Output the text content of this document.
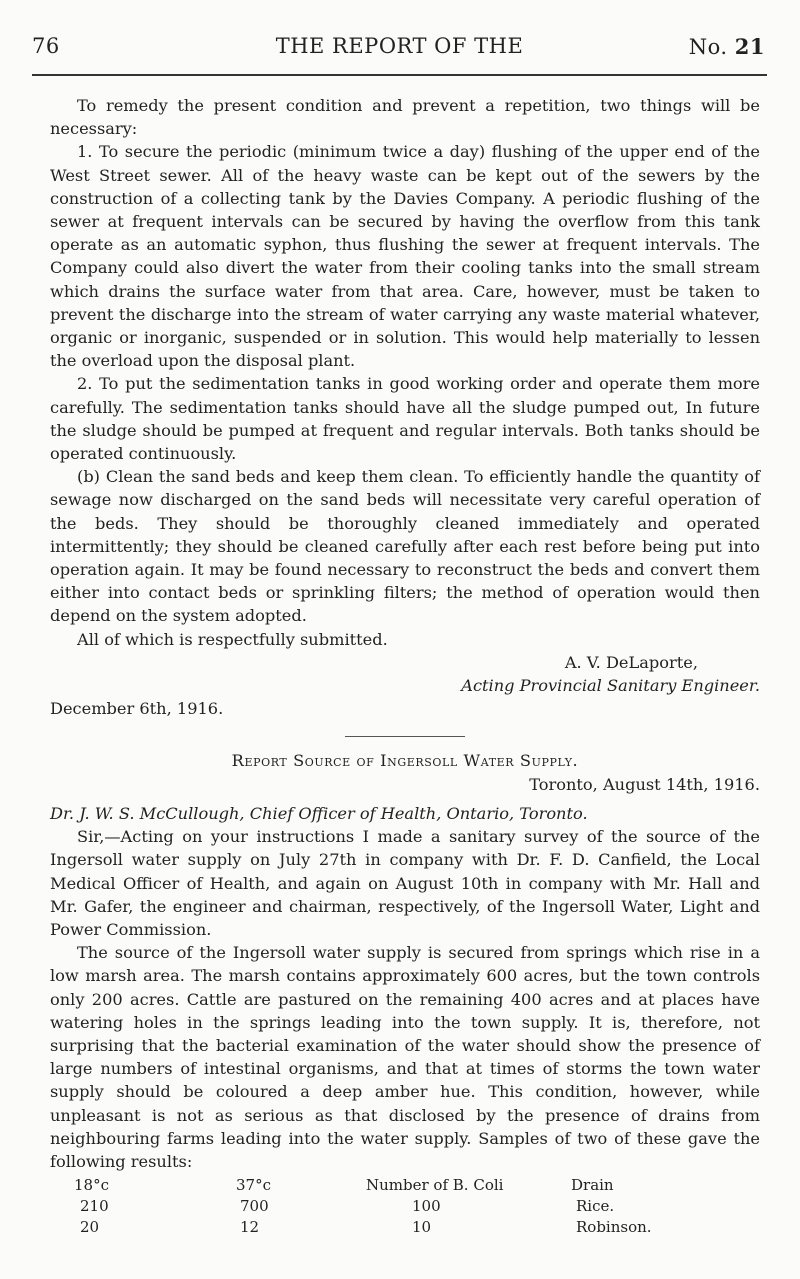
76	THE REPORT OF THE	No. 21

To remedy the present condition and prevent a repetition, two things will be necessary:

1. To secure the periodic (minimum twice a day) flushing of the upper end of the West Street sewer. All of the heavy waste can be kept out of the sewers by the construction of a collecting tank by the Davies Company. A periodic flushing of the sewer at frequent intervals can be secured by having the overflow from this tank operate as an automatic syphon, thus flushing the sewer at frequent intervals. The Company could also divert the water from their cooling tanks into the small stream which drains the surface water from that area. Care, however, must be taken to prevent the discharge into the stream of water carrying any waste material whatever, organic or inorganic, suspended or in solution. This would help materially to lessen the overload upon the disposal plant.

2. To put the sedimentation tanks in good working order and operate them more carefully. The sedimentation tanks should have all the sludge pumped out, In future the sludge should be pumped at frequent and regular intervals. Both tanks should be operated continuously.

(b) Clean the sand beds and keep them clean. To efficiently handle the quantity of sewage now discharged on the sand beds will necessitate very careful operation of the beds. They should be thoroughly cleaned immediately and operated intermittently; they should be cleaned carefully after each rest before being put into operation again. It may be found necessary to reconstruct the beds and convert them either into contact beds or sprinkling filters; the method of operation would then depend on the system adopted.

All of which is respectfully submitted.

A. V. DeLaporte,

Acting Provincial Sanitary Engineer.

December 6th, 1916.

Report Source of Ingersoll Water Supply.

Toronto, August 14th, 1916.

Dr. J. W. S. McCullough, Chief Officer of Health, Ontario, Toronto.

Sir,—Acting on your instructions I made a sanitary survey of the source of the Ingersoll water supply on July 27th in company with Dr. F. D. Canfield, the Local Medical Officer of Health, and again on August 10th in company with Mr. Hall and Mr. Gafer, the engineer and chairman, respectively, of the Ingersoll Water, Light and Power Commission.

The source of the Ingersoll water supply is secured from springs which rise in a low marsh area. The marsh contains approximately 600 acres, but the town controls only 200 acres. Cattle are pastured on the remaining 400 acres and at places have watering holes in the springs leading into the town supply. It is, therefore, not surprising that the bacterial examination of the water should show the presence of large numbers of intestinal organisms, and that at times of storms the town water supply should be coloured a deep amber hue. This condition, however, while unpleasant is not as serious as that disclosed by the presence of drains from neighbouring farms leading into the water supply. Samples of two of these gave the following results:

18°c	37°c	Number of B. Coli	Drain
210	700	100	Rice.
20	12	10	Robinson.
